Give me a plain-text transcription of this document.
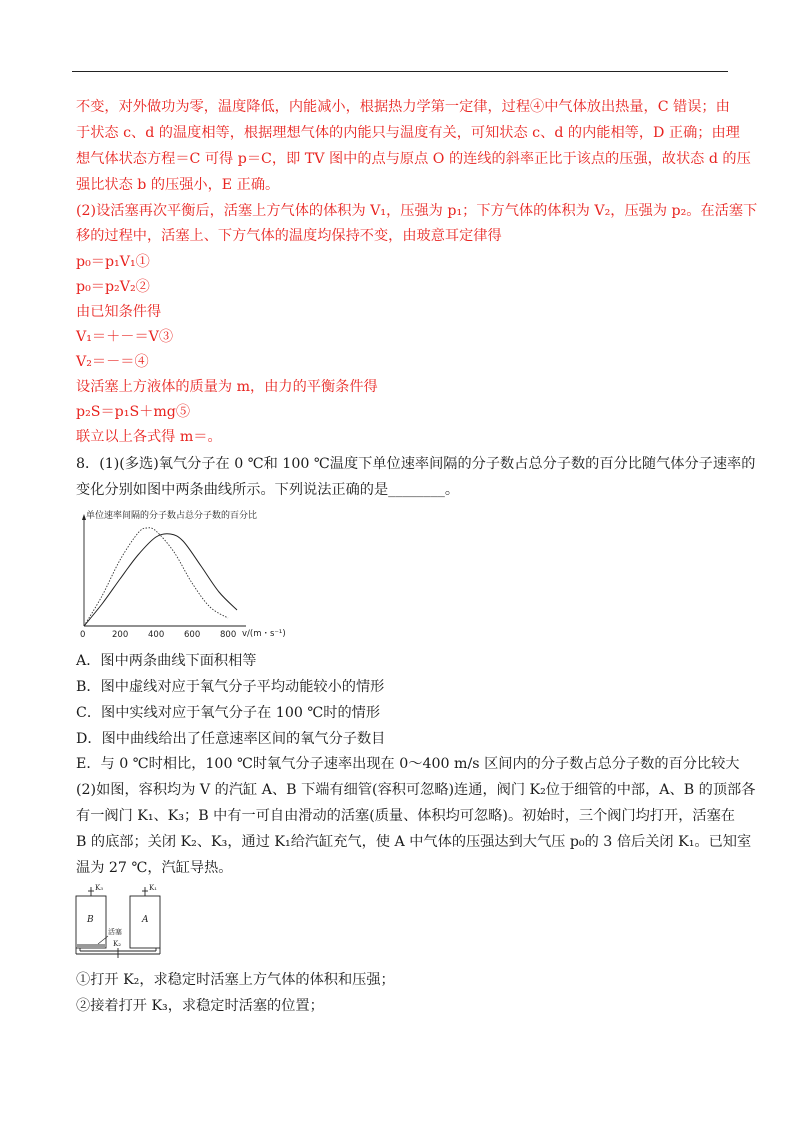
不变，对外做功为零，温度降低，内能减小，根据热力学第一定律，过程④中气体放出热量，C 错误；由
于状态 c、d 的温度相等，根据理想气体的内能只与温度有关，可知状态 c、d 的内能相等，D 正确；由理
想气体状态方程＝C 可得 p＝C，即 TV 图中的点与原点 O 的连线的斜率正比于该点的压强，故状态 d 的压
强比状态 b 的压强小，E 正确。
(2)设活塞再次平衡后，活塞上方气体的体积为 V₁，压强为 p₁；下方气体的体积为 V₂，压强为 p₂。在活塞下
移的过程中，活塞上、下方气体的温度均保持不变，由玻意耳定律得
p₀＝p₁V₁①
p₀＝p₂V₂②
由已知条件得
V₁＝＋－＝V③
V₂＝－＝④
设活塞上方液体的质量为 m，由力的平衡条件得
p₂S＝p₁S＋mg⑤
联立以上各式得 m＝。
8．(1)(多选)氧气分子在 0 ℃和 100 ℃温度下单位速率间隔的分子数占总分子数的百分比随气体分子速率的
变化分别如图中两条曲线所示。下列说法正确的是________。
单位速率间隔的分子数占总分子数的百分比
0	200 400 600 800 v/(m・s⁻¹)
A．图中两条曲线下面积相等
B．图中虚线对应于氧气分子平均动能较小的情形
C．图中实线对应于氧气分子在 100 ℃时的情形
D．图中曲线给出了任意速率区间的氧气分子数目
E．与 0 ℃时相比，100 ℃时氧气分子速率出现在 0～400 m/s 区间内的分子数占总分子数的百分比较大
(2)如图，容积均为 V 的汽缸 A、B 下端有细管(容积可忽略)连通，阀门 K₂位于细管的中部，A、B 的顶部各
有一阀门 K₁、K₃；B 中有一可自由滑动的活塞(质量、体积均可忽略)。初始时，三个阀门均打开，活塞在
B 的底部；关闭 K₂、K₃，通过 K₁给汽缸充气，使 A 中气体的压强达到大气压 p₀的 3 倍后关闭 K₁。已知室
温为 27 ℃，汽缸导热。
K₃	K₁
B	A
活塞
K₂
①打开 K₂，求稳定时活塞上方气体的体积和压强；
②接着打开 K₃，求稳定时活塞的位置；
